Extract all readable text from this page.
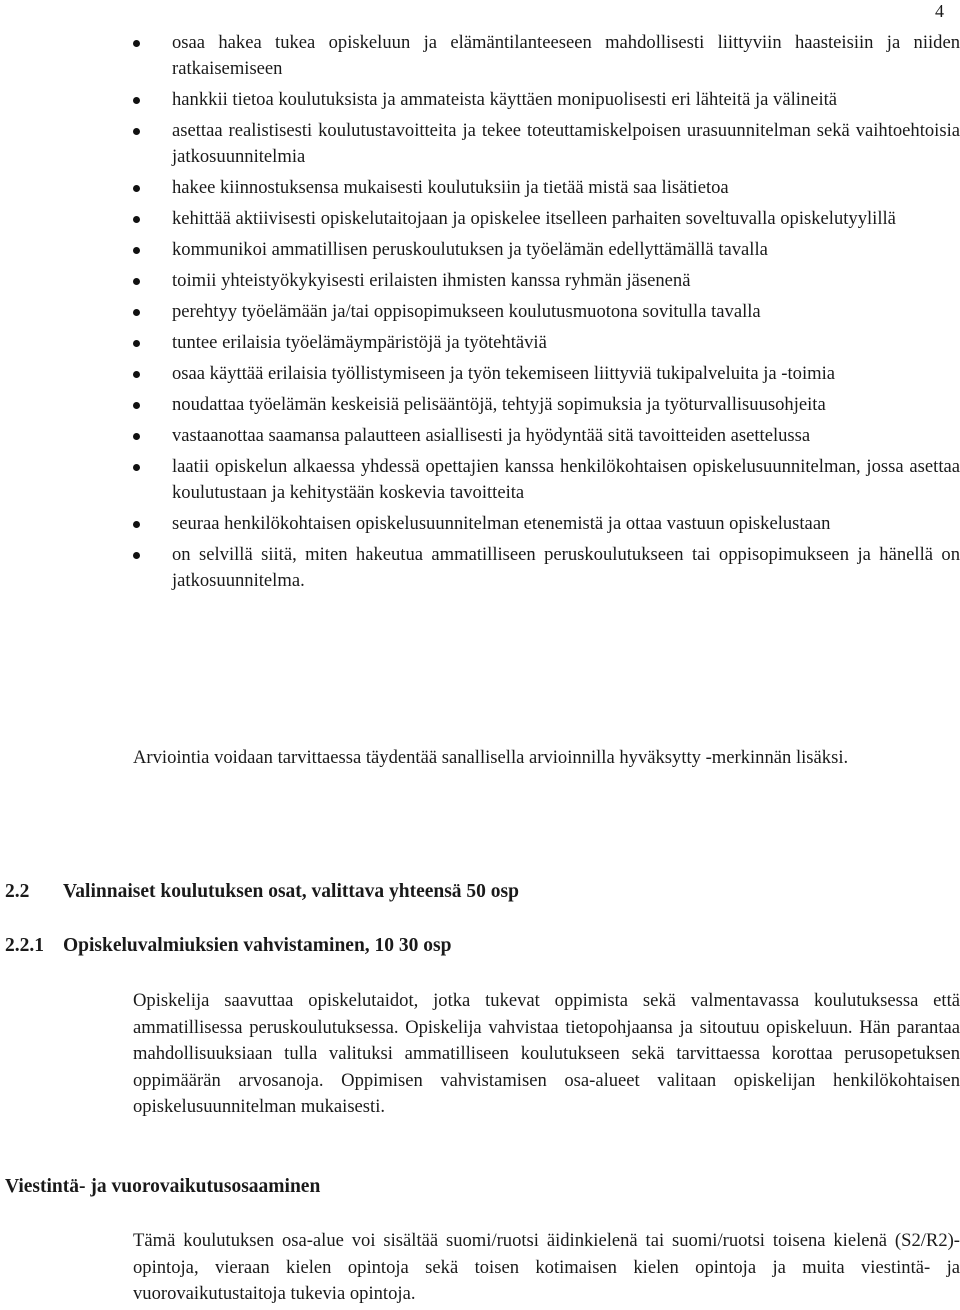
4
osaa hakea tukea opiskeluun ja elämäntilanteeseen mahdollisesti liittyviin haasteisiin ja niiden ratkaisemiseen
hankkii tietoa koulutuksista ja ammateista käyttäen monipuolisesti eri lähteitä ja välineitä
asettaa realistisesti koulutustavoitteita ja tekee toteuttamiskelpoisen urasuunnitelman sekä vaihtoehtoisia jatkosuunnitelmia
hakee kiinnostuksensa mukaisesti koulutuksiin ja tietää mistä saa lisätietoa
kehittää aktiivisesti opiskelutaitojaan ja opiskelee itselleen parhaiten soveltuvalla opiskelutyylillä
kommunikoi ammatillisen peruskoulutuksen ja työelämän edellyttämällä tavalla
toimii yhteistyökykyisesti erilaisten ihmisten kanssa ryhmän jäsenenä
perehtyy työelämään ja/tai oppisopimukseen koulutusmuotona sovitulla tavalla
tuntee erilaisia työelämäympäristöjä ja työtehtäviä
osaa käyttää erilaisia työllistymiseen ja työn tekemiseen liittyviä tukipalveluita ja -toimia
noudattaa työelämän keskeisiä pelisääntöjä, tehtyjä sopimuksia ja työturvallisuusohjeita
vastaanottaa saamansa palautteen asiallisesti ja hyödyntää sitä tavoitteiden asettelussa
laatii opiskelun alkaessa yhdessä opettajien kanssa henkilökohtaisen opiskelusuunnitelman, jossa asettaa koulutustaan ja kehitystään koskevia tavoitteita
seuraa henkilökohtaisen opiskelusuunnitelman etenemistä ja ottaa vastuun opiskelustaan
on selvillä siitä, miten hakeutua ammatilliseen peruskoulutukseen tai oppisopimukseen ja hänellä on jatkosuunnitelma.

Arviointia voidaan tarvittaessa täydentää sanallisella arvioinnilla hyväksytty -merkinnän lisäksi.

2.2 Valinnaiset koulutuksen osat, valittava yhteensä 50 osp
2.2.1 Opiskeluvalmiuksien vahvistaminen, 10 30 osp

Opiskelija saavuttaa opiskelutaidot, jotka tukevat oppimista sekä valmentavassa koulutuksessa että ammatillisessa peruskoulutuksessa. Opiskelija vahvistaa tietopohjaansa ja sitoutuu opiskeluun. Hän parantaa mahdollisuuksiaan tulla valituksi ammatilliseen koulutukseen sekä tarvittaessa korottaa perusopetuksen oppimäärän arvosanoja. Oppimisen vahvistamisen osa-alueet valitaan opiskelijan henkilökohtaisen opiskelusuunnitelman mukaisesti.

Viestintä- ja vuorovaikutusosaaminen

Tämä koulutuksen osa-alue voi sisältää suomi/ruotsi äidinkielenä tai suomi/ruotsi toisena kielenä (S2/R2)-opintoja, vieraan kielen opintoja sekä toisen kotimaisen kielen opintoja ja muita viestintä- ja vuorovaikutustaitoja tukevia opintoja.
